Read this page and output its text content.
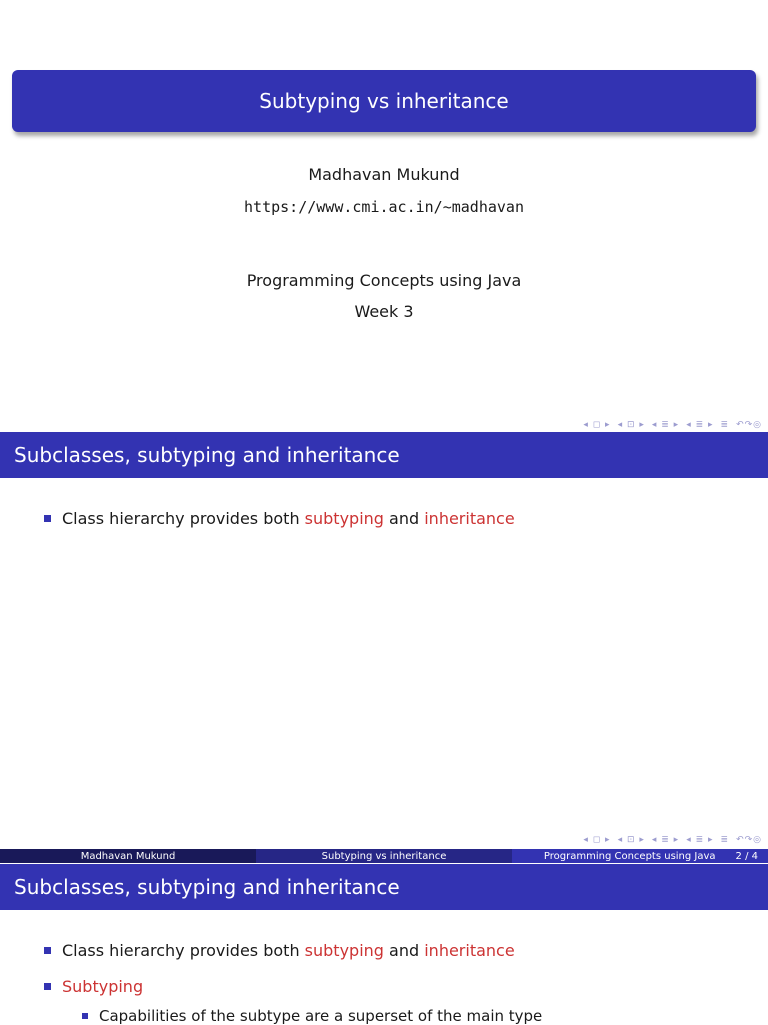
Subtyping vs inheritance
Madhavan Mukund
https://www.cmi.ac.in/~madhavan
Programming Concepts using Java
Week 3
◂ ◻ ▸ ◂ ⊡ ▸ ◂ ≣ ▸ ◂ ≣ ▸ ≣ ↶↷◎
Subclasses, subtyping and inheritance
Class hierarchy provides both subtyping and inheritance
◂ ◻ ▸ ◂ ⊡ ▸ ◂ ≣ ▸ ◂ ≣ ▸ ≣ ↶↷◎
Madhavan Mukund	Subtyping vs inheritance	Programming Concepts using Java 2 / 4
Subclasses, subtyping and inheritance
Class hierarchy provides both subtyping and inheritance
Subtyping
Capabilities of the subtype are a superset of the main type
